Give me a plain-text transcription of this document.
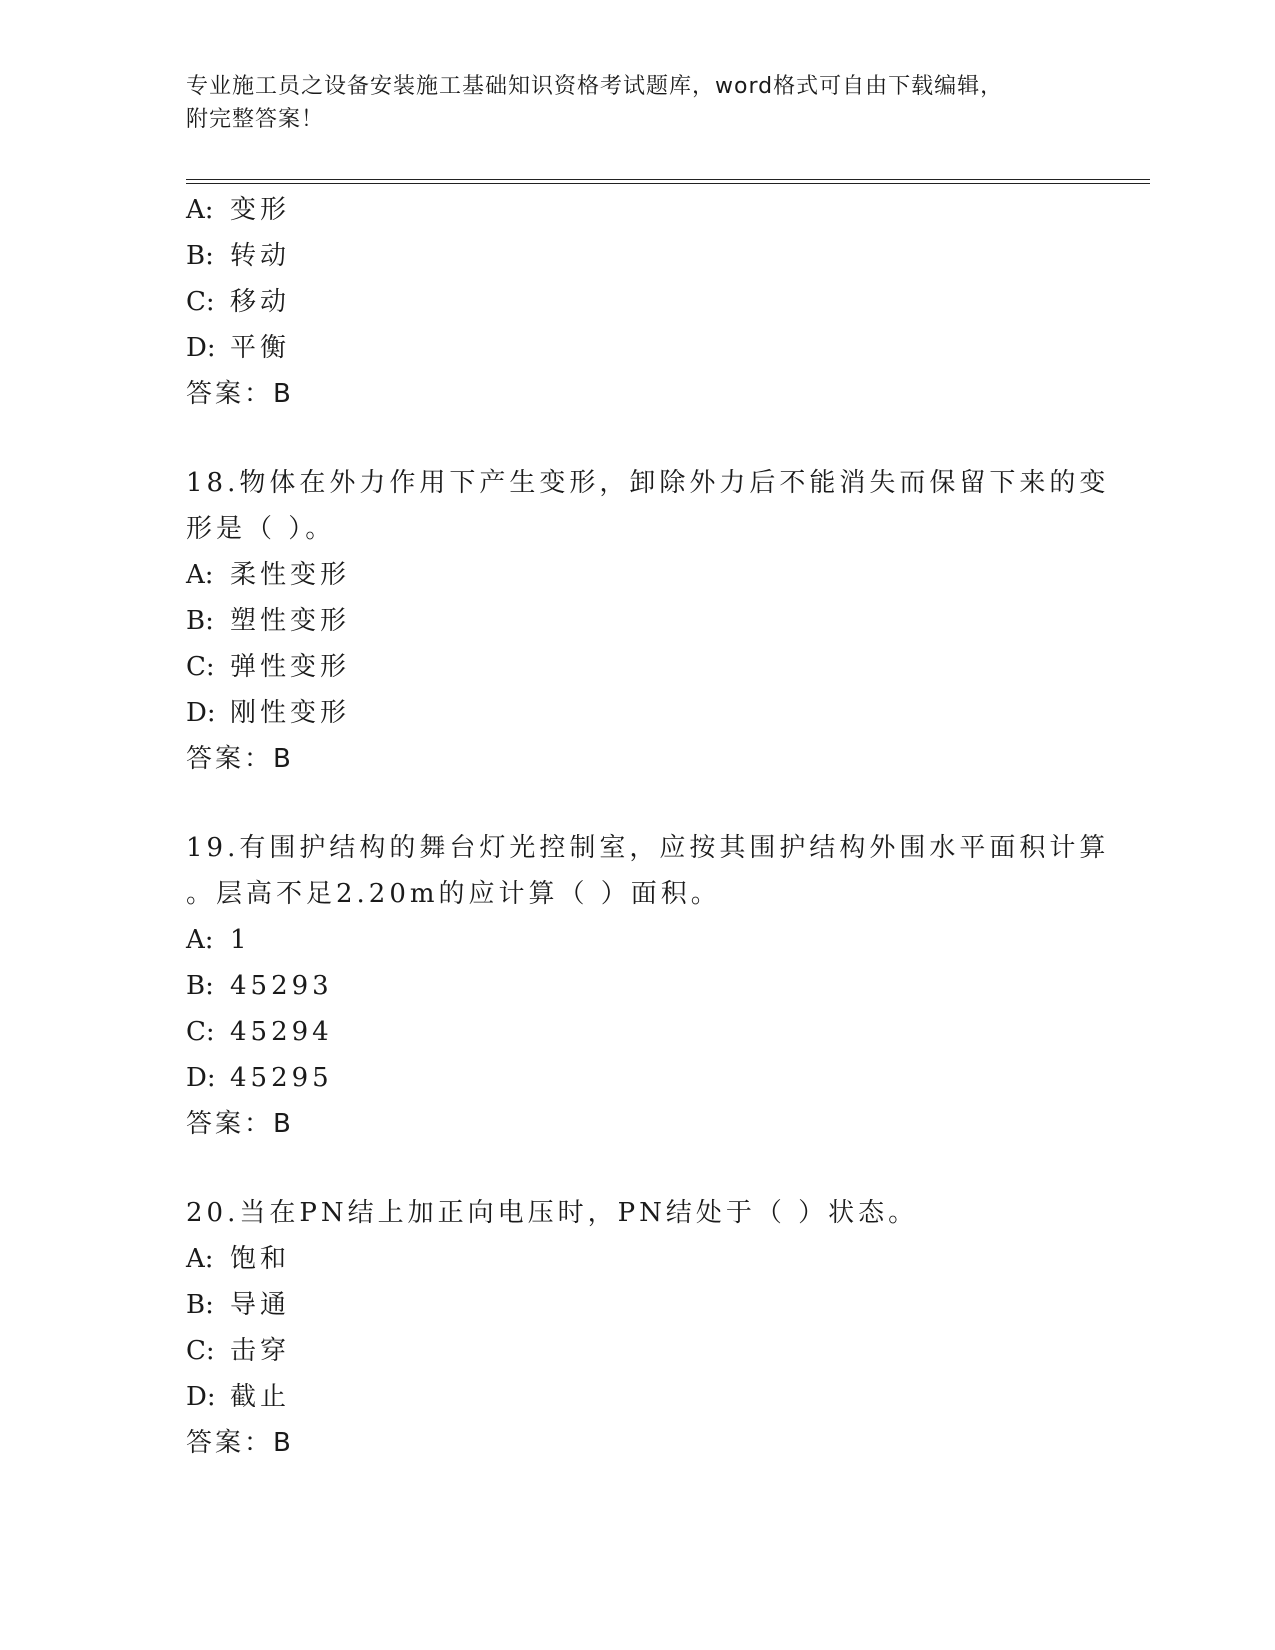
专业施工员之设备安装施工基础知识资格考试题库，word格式可自由下载编辑，
附完整答案！
A: 变形
B: 转动
C: 移动
D: 平衡
答案：B
18.物体在外力作用下产生变形，卸除外力后不能消失而保留下来的变
形是（ ）。
A: 柔性变形
B: 塑性变形
C: 弹性变形
D: 刚性变形
答案：B
19.有围护结构的舞台灯光控制室，应按其围护结构外围水平面积计算
。层高不足2.20m的应计算（ ）面积。
A: 1
B: 45293
C: 45294
D: 45295
答案：B
20.当在PN结上加正向电压时，PN结处于（ ）状态。
A: 饱和
B: 导通
C: 击穿
D: 截止
答案：B
